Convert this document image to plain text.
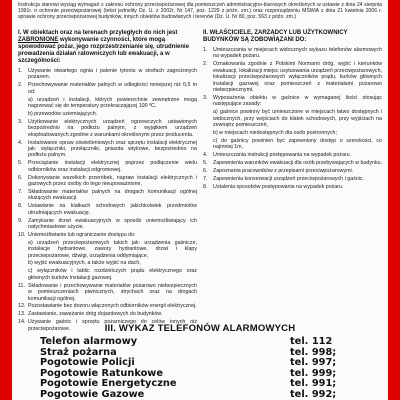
Instrukcja stanowi wyciąg wymagań z zakresu ochrony przeciwpożarowej dla pomieszczeń administracyjno-biurowych określonych w ustawie z dnia 24 sierpnia 1991r. o ochronie przeciwpożarowej (tekst jednolity Dz. U. z 2002r. Nr 147, poz. 1229 z późn. zm.) oraz rozporządzeniu MSWiA z dnia 21 kwietnia 2006 r. sprawie ochrony przeciwpożarowej budynków, innych obiektów budowlanych i terenów (Dz. U. Nr 80, poz. 563 z późn. zm.)
I. W obiektach oraz na terenach przyległych do nich jest ZABRONIONE wykonywanie czynności, które mogą spowodować pożar, jego rozprzestrzenianie się, utrudnienie prowadzenia działań ratowniczych lub ewakuacji, a w szczególności:
1.	Używanie otwartego ognia i palenie tytoniu w strefach zagrożonych pożarem.
2.	Przechowywanie materiałów palnych w odległości mniejszej niż 0,5 m od:
a) urządzeń i instalacji, których powierzchnie zewnętrzne mogą nagrzewać się do temperatury przekraczającej 100 ºC,
b) przewodów uziemiających.
3.	Użytkowanie elektrycznych urządzeń ogrzewczych ustawionych bezpośrednio na podłożu palnym, z wyjątkiem urządzeń eksploatowanych zgodnie z warunkami określonymi przez producenta.
4.	Instalowanie opraw oświetleniowych oraz sprzętu instalacji elektrycznej jak: wyłączniki, przełączniki, gniazda wtykowe, bezpośrednio na podłożu palnym.
5.	Przeciążanie instalacji elektrycznej poprzez podłączenie wielu odbiorników oraz instalacji odgromowej.
6.	Dokonywanie wszelkich przeróbek, napraw instalacji elektrycznych i gazowych przez osoby do tego nieupoważnione.
7.	Składowanie materiałów palnych na drogach komunikacji ogólnej służących ewakuacji.
8.	Ustawianie na klatkach schodowych jakichkolwiek przedmiotów utrudniających ewakuację.
9.	Zamykanie drzwi ewakuacyjnych w sposób uniemożliwiający ich natychmiastowe użycie.
10. Uniemożliwianie lub ograniczanie dostępu do:
a) urządzeń przeciwpożarowych takich jak: urządzenia gaśnicze, instalacje hydrantowe, zawory hydrantowe, drzwi i klapy przeciwpożarowe, dźwigi, urządzenia oddymiające,
b) wyjść ewakuacyjnych, a także wyjść na dach,
c) wyłączników i tablic rozdzielczych prądu elektrycznego oraz głównych kurków instalacji gazowej.
11. Składowanie i przechowywanie materiałów pożarowo niebezpiecznych w pomieszczeniach piwnicznych, strychach oraz na drogach komunikacji ogólnej.
12. Pozostawianie bez dozoru włączonych odbiorników energii elektrycznej.
13. Zastawianie, zawężanie dróg dojazdowych do budynków.
14. Używanie gaśnic i sprzętu pożarniczego do celów innych niż przeciwpożarowe.
II. WŁAŚCICIELE, ZARZĄDCY LUB UŻYTKOWNICY BUDYNKÓW SĄ ZOBOWIĄZANI DO:
1.	Umieszczania w miejscach widocznych wykazu telefonów alarmowych na wypadek pożaru.
2.	Oznakowania zgodnie z Polskimi Normami dróg, wyjść i kierunków ewakuacji, lokalizacji miejsc usytuowania urządzeń przeciwpożarowych, lokalizacji przeciwpożarowych wyłączników prądu, kurków głównych instalacji gazowej oraz pomieszczeń z materiałami pożarowo niebezpiecznymi.
3.	Wyposażenia obiektu w gaśnice w wymaganej ilości stosując następujące zasady:
a) gaśnice powinny być umieszczone w miejscach łatwo dostępnych i widocznych, przy wejściach do klatek schodowych, przy wyjściach na zewnątrz pomieszczeń,
b) w miejscach niedostępnych dla osób postronnych;
c) do gaśnicy powinien być zapewniony dostęp o szerokości, co najmniej 1m,
4.	Umieszczania instrukcji postępowania na wypadek pożaru.
5.	Zapewnienia warunków ewakuacji dla osób przebywających w budynku.
6.	Zapoznania pracowników z przepisami przeciwpożarowymi.
7.	Zapewnienia konserwacji urządzeń przeciwpożarowych i gaśnic.
8.	Ustalenia sposobów postępowania na wypadek pożaru.
III. WYKAZ TELEFONÓW ALARMOWYCH
Telefon alarmowy	tel. 112
Straż pożarna	tel. 998;
Pogotowie Policji	tel. 997;
Pogotowie Ratunkowe	tel. 999;
Pogotowie Energetyczne	tel. 991;
Pogotowie Gazowe	tel. 992;
